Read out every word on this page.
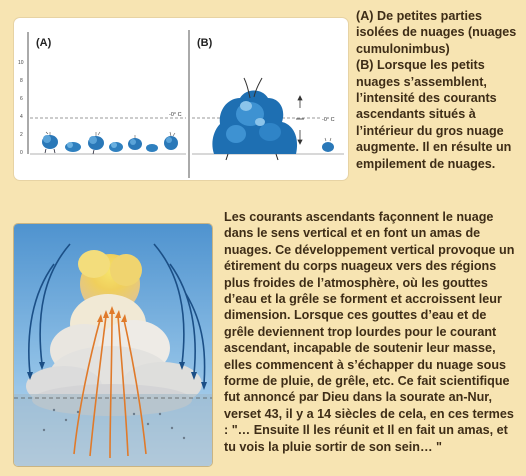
(A)	(B)
10
8
6
4
2
0
-0° C
-0° C

(A) De petites parties isolées de nuages (nuages cumulonimbus)

(B) Lorsque les petits nuages s’assemblent, l’intensité des courants ascendants situés à l’intérieur du gros nuage augmente. Il en résulte un empilement de nuages.

Les courants ascendants façonnent le nuage dans le sens vertical et en font un amas de nuages. Ce développement vertical provoque un étirement du corps nuageux vers des régions plus froides de l’atmosphère, où les gouttes d’eau et la grêle se forment et accroissent leur dimension. Lorsque ces gouttes d’eau et de grêle deviennent trop lourdes pour le courant ascendant, incapable de soutenir leur masse, elles commencent à s’échapper du nuage sous forme de pluie, de grêle, etc. Ce fait scientifique fut annoncé par Dieu dans la sourate an-Nur, verset 43, il y a 14 siècles de cela, en ces termes : "… Ensuite Il les réunit et Il en fait un amas, et tu vois la pluie sortir de son sein… "
